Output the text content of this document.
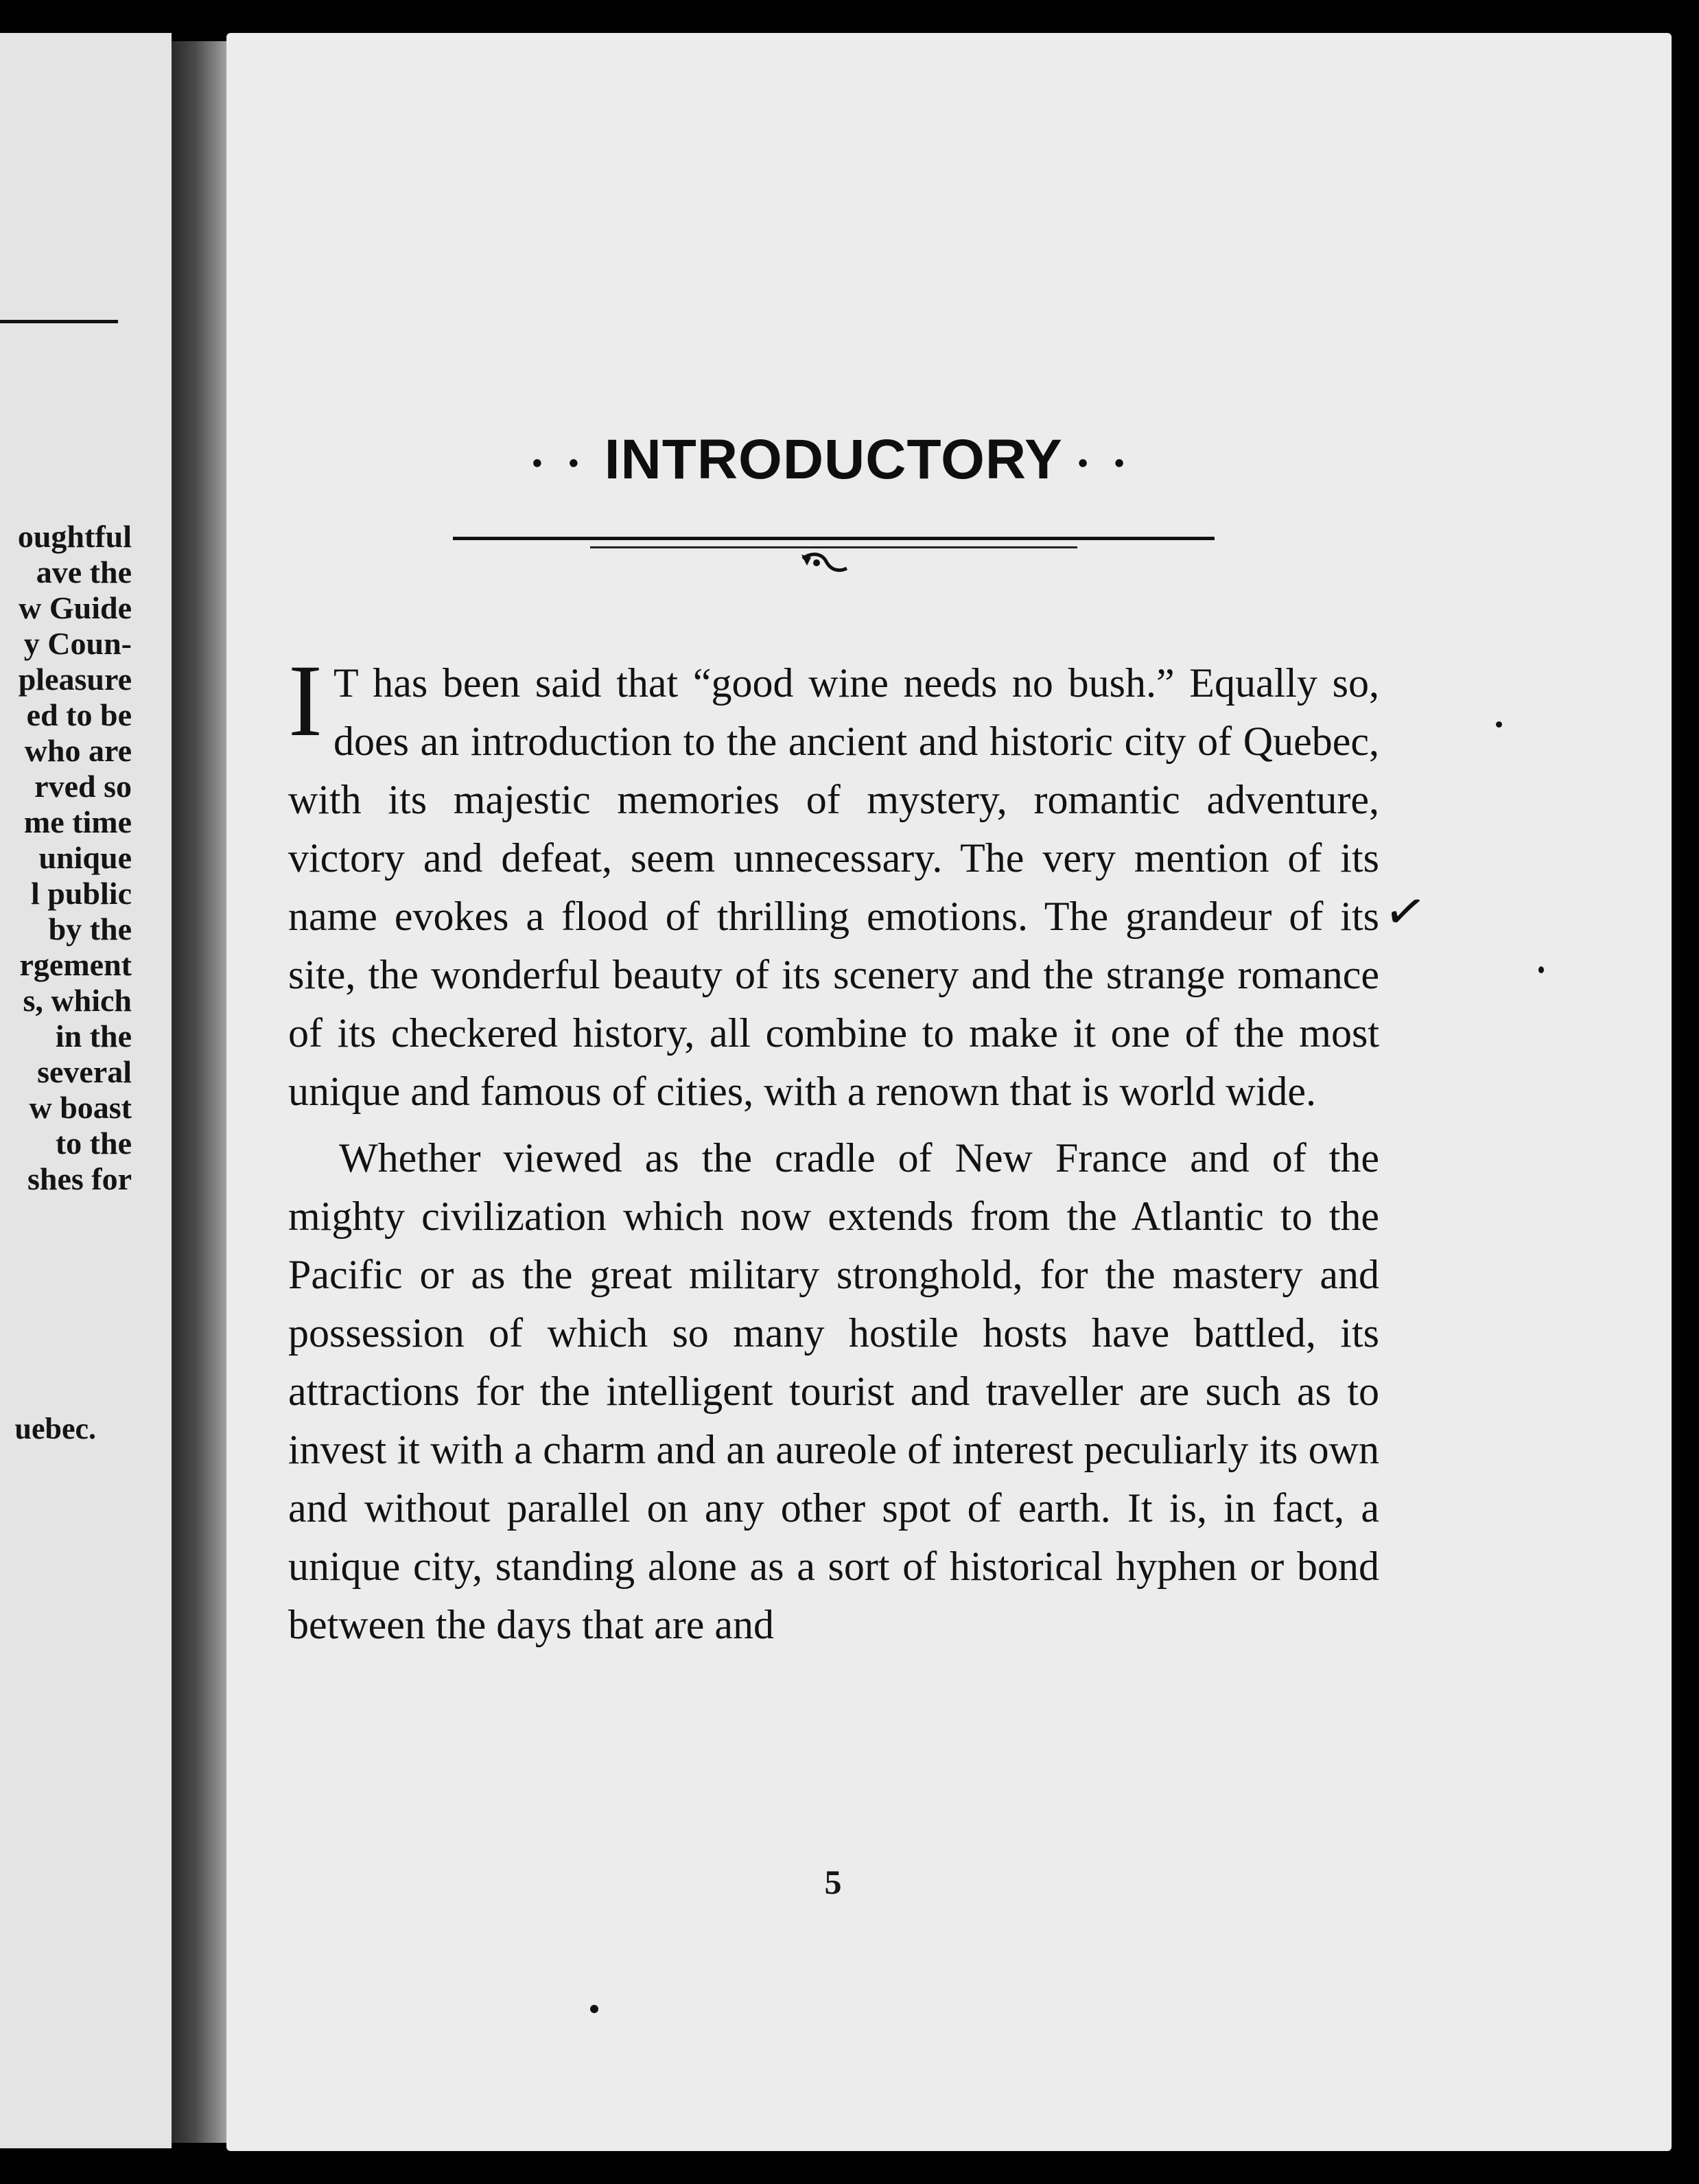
oughtful
ave the
w Guide
y Coun-
pleasure
ed to be
who are
rved so
me time
unique
l public
by the
rgement
s, which
in the
several
w boast
to the
shes for
uebec.
• • INTRODUCTORY • •

I T has been said that “good wine needs no bush.” Equally so, does an introduction to the ancient and historic city of Quebec, with its majestic memories of mystery, romantic adventure, victory and defeat, seem unnecessary. The very mention of its name evokes a flood of thrilling emotions. The grandeur of its site, the wonderful beauty of its scenery and the strange romance of its checkered history, all combine to make it one of the most unique and famous of cities, with a renown that is world wide.

Whether viewed as the cradle of New France and of the mighty civilization which now extends from the Atlantic to the Pacific or as the great military stronghold, for the mastery and possession of which so many hostile hosts have battled, its attractions for the intelligent tourist and traveller are such as to invest it with a charm and an aureole of interest peculiarly its own and without parallel on any other spot of earth. It is, in fact, a unique city, standing alone as a sort of historical hyphen or bond between the days that are and

✓
5
